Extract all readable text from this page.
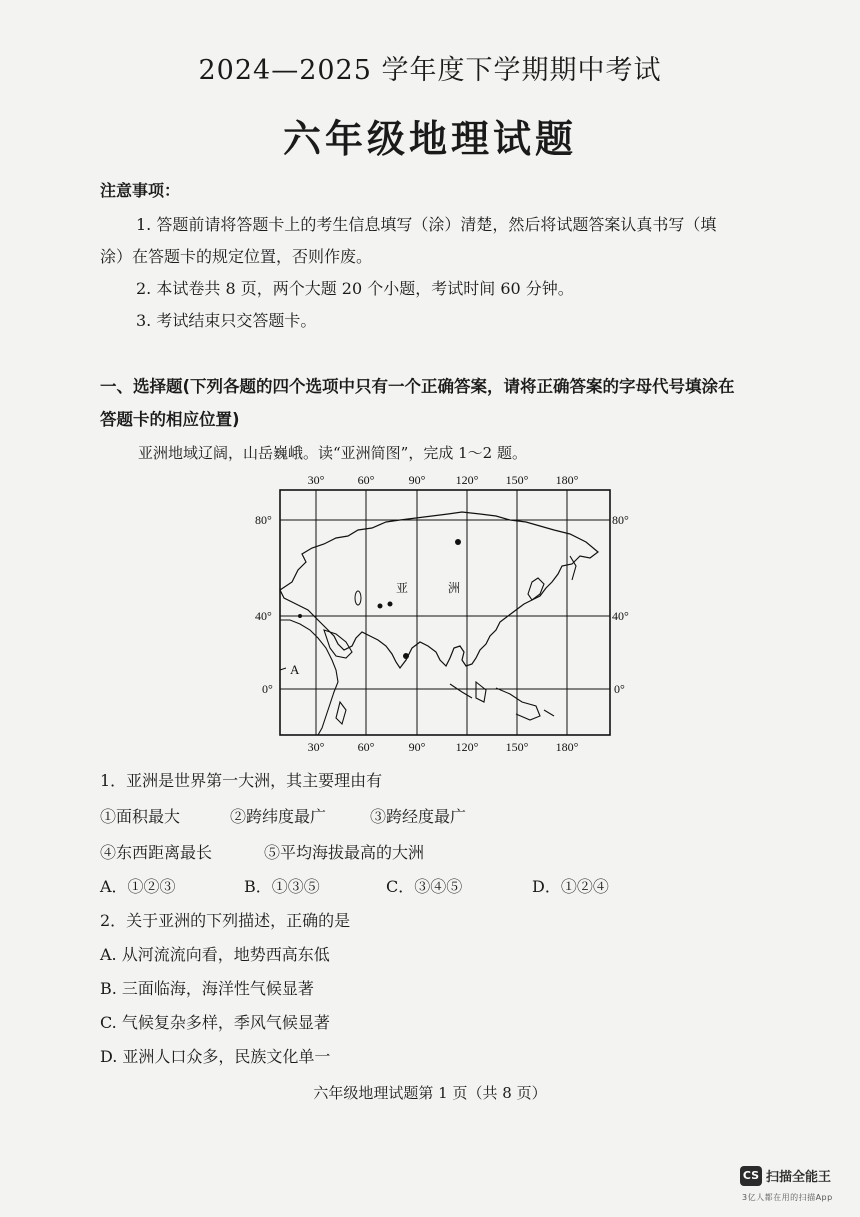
2024—2025 学年度下学期期中考试
六年级地理试题
注意事项：
1. 答题前请将答题卡上的考生信息填写（涂）清楚，然后将试题答案认真书写（填
涂）在答题卡的规定位置，否则作废。
2. 本试卷共 8 页，两个大题 20 个小题，考试时间 60 分钟。
3. 考试结束只交答题卡。
一、选择题(下列各题的四个选项中只有一个正确答案，请将正确答案的字母代号填涂在
答题卡的相应位置)
亚洲地域辽阔，山岳巍峨。读“亚洲简图”，完成 1～2 题。
30°	60°	90°	120° 150° 180°
30°	60°	90°	120° 150° 180°
80°
40°
0°
80°
40°
0°
亚	洲
A
1．亚洲是世界第一大洲，其主要理由有
①面积最大	②跨纬度最广	③跨经度最广
④东西距离最长	⑤平均海拔最高的大洲
A．①②③	B．①③⑤	C．③④⑤	D．①②④
2．关于亚洲的下列描述，正确的是
A. 从河流流向看，地势西高东低
B. 三面临海，海洋性气候显著
C. 气候复杂多样，季风气候显著
D. 亚洲人口众多，民族文化单一
六年级地理试题第 1 页（共 8 页）
CS 扫描全能王
3亿人都在用的扫描App
